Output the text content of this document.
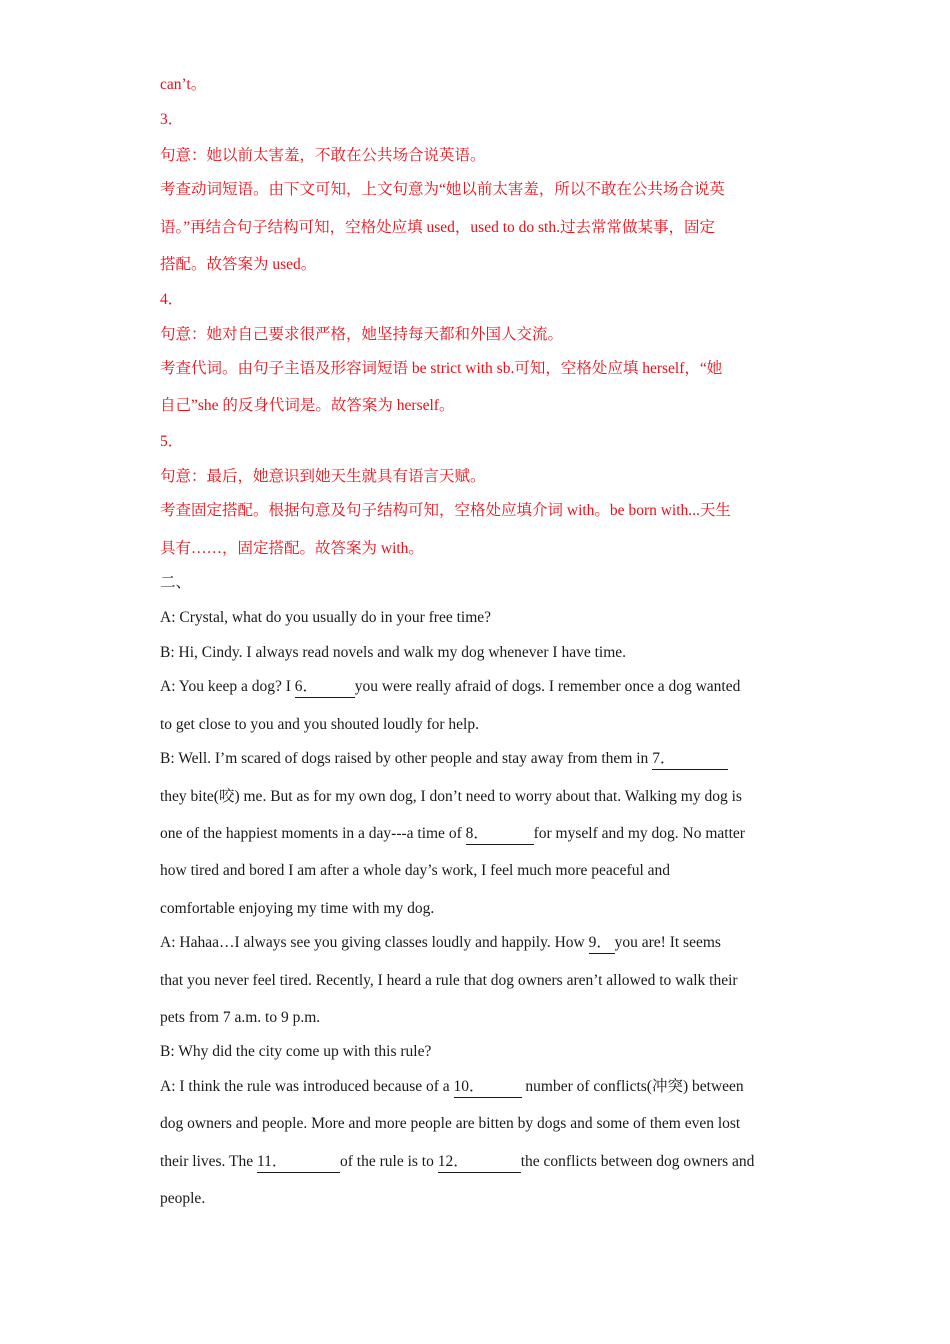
can’t。
3．
句意：她以前太害羞，不敢在公共场合说英语。
考查动词短语。由下文可知，上文句意为“她以前太害羞，所以不敢在公共场合说英
语。”再结合句子结构可知，空格处应填 used，used to do sth.过去常常做某事，固定
搭配。故答案为 used。
4．
句意：她对自己要求很严格，她坚持每天都和外国人交流。
考查代词。由句子主语及形容词短语 be strict with sb.可知，空格处应填 herself，“她
自己”she 的反身代词是。故答案为 herself。
5．
句意：最后，她意识到她天生就具有语言天赋。
考查固定搭配。根据句意及句子结构可知，空格处应填介词 with。be born with...天生
具有……，固定搭配。故答案为 with。
二、
A: Crystal, what do you usually do in your free time?
B: Hi, Cindy. I always read novels and walk my dog whenever I have time.
A: You keep a dog? I 6． you were really afraid of dogs. I remember once a dog wanted
to get close to you and you shouted loudly for help.
B: Well. I’m scared of dogs raised by other people and stay away from them in 7．
they bite(咬) me. But as for my own dog, I don’t need to worry about that. Walking my dog is
one of the happiest moments in a day---a time of 8．	for myself and my dog. No matter
how tired and bored I am after a whole day’s work, I feel much more peaceful and
comfortable enjoying my time with my dog.
A: Hahaa…I always see you giving classes loudly and happily. How 9． you are! It seems
that you never feel tired. Recently, I heard a rule that dog owners aren’t allowed to walk their
pets from 7 a.m. to 9 p.m.
B: Why did the city come up with this rule?
A: I think the rule was introduced because of a 10． number of conflicts(冲突) between
dog owners and people. More and more people are bitten by dogs and some of them even lost
their lives. The 11．	of the rule is to 12．	the conflicts between dog owners and
people.
